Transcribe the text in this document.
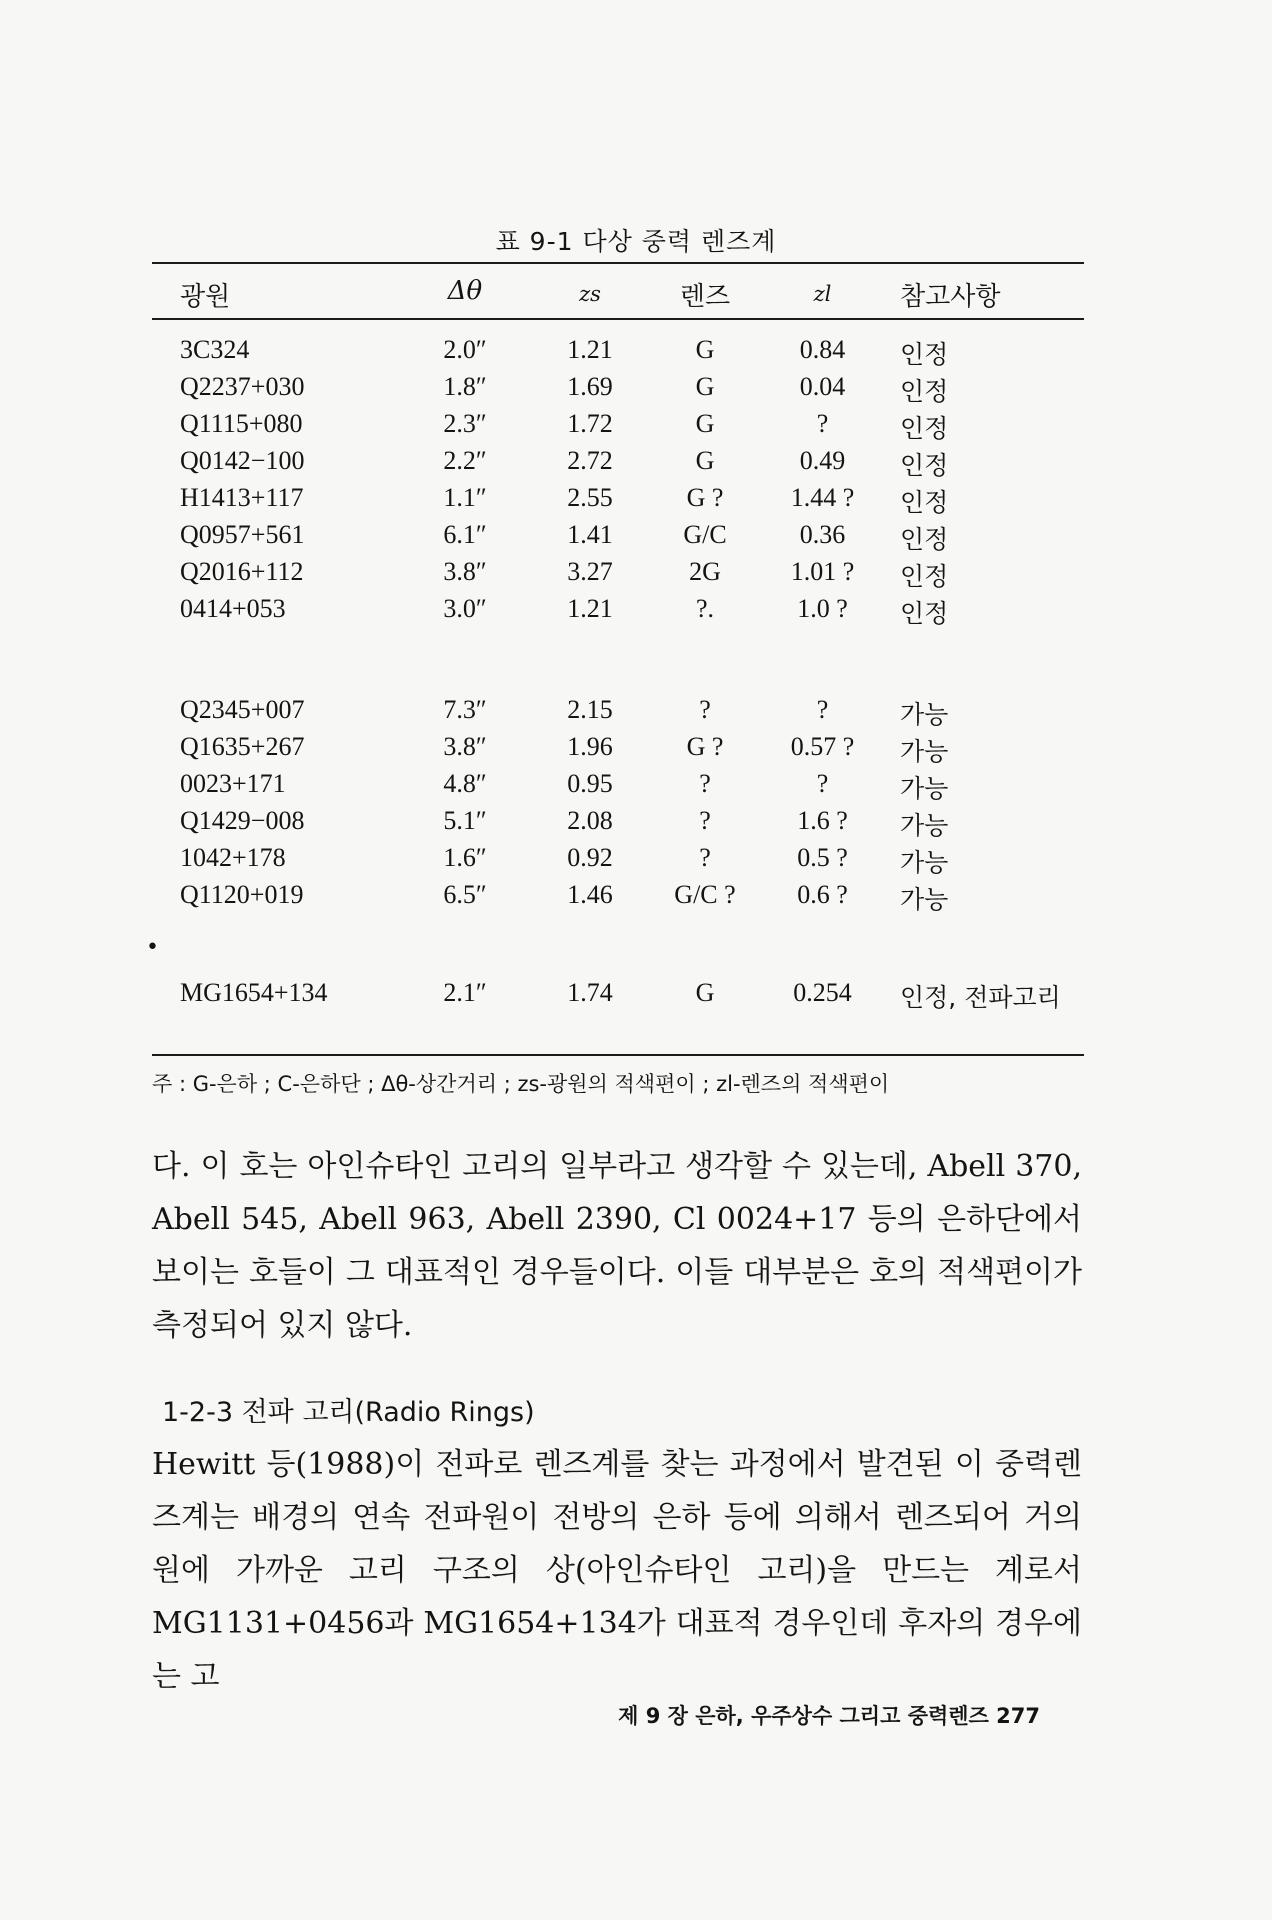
표 9-1 다상 중력 렌즈계
광원	Δθ	zs	렌즈	zl	참고사항
3C324	2.0″	1.21	G	0.84	인정
Q2237+030	1.8″	1.69	G	0.04	인정
Q1115+080	2.3″	1.72	G	?	인정
Q0142−100	2.2″	2.72	G	0.49	인정
H1413+117	1.1″	2.55	G ?	1.44 ?	인정
Q0957+561	6.1″	1.41	G/C	0.36	인정
Q2016+112	3.8″	3.27	2G	1.01 ?	인정
0414+053	3.0″	1.21	?.	1.0 ?	인정
Q2345+007	7.3″	2.15	?	?	가능
Q1635+267	3.8″	1.96	G ?	0.57 ?	가능
0023+171	4.8″	0.95	?	?	가능
Q1429−008	5.1″	2.08	?	1.6 ?	가능
1042+178	1.6″	0.92	?	0.5 ?	가능
Q1120+019	6.5″	1.46	G/C ?	0.6 ?	가능
MG1654+134	2.1″	1.74	G	0.254	인정, 전파고리
•
주 : G-은하 ; C-은하단 ; Δθ-상간거리 ; zs-광원의 적색편이 ; zl-렌즈의 적색편이
다. 이 호는 아인슈타인 고리의 일부라고 생각할 수 있는데, Abell 370, Abell 545, Abell 963, Abell 2390, Cl 0024+17 등의 은하단에서 보이는 호들이 그 대표적인 경우들이다. 이들 대부분은 호의 적색편이가 측정되어 있지 않다.
1-2-3 전파 고리(Radio Rings)
Hewitt 등(1988)이 전파로 렌즈계를 찾는 과정에서 발견된 이 중력렌즈계는 배경의 연속 전파원이 전방의 은하 등에 의해서 렌즈되어 거의 원에 가까운 고리 구조의 상(아인슈타인 고리)을 만드는 계로서 MG1131+0456과 MG1654+134가 대표적 경우인데 후자의 경우에는 고
제 9 장 은하, 우주상수 그리고 중력렌즈 277
